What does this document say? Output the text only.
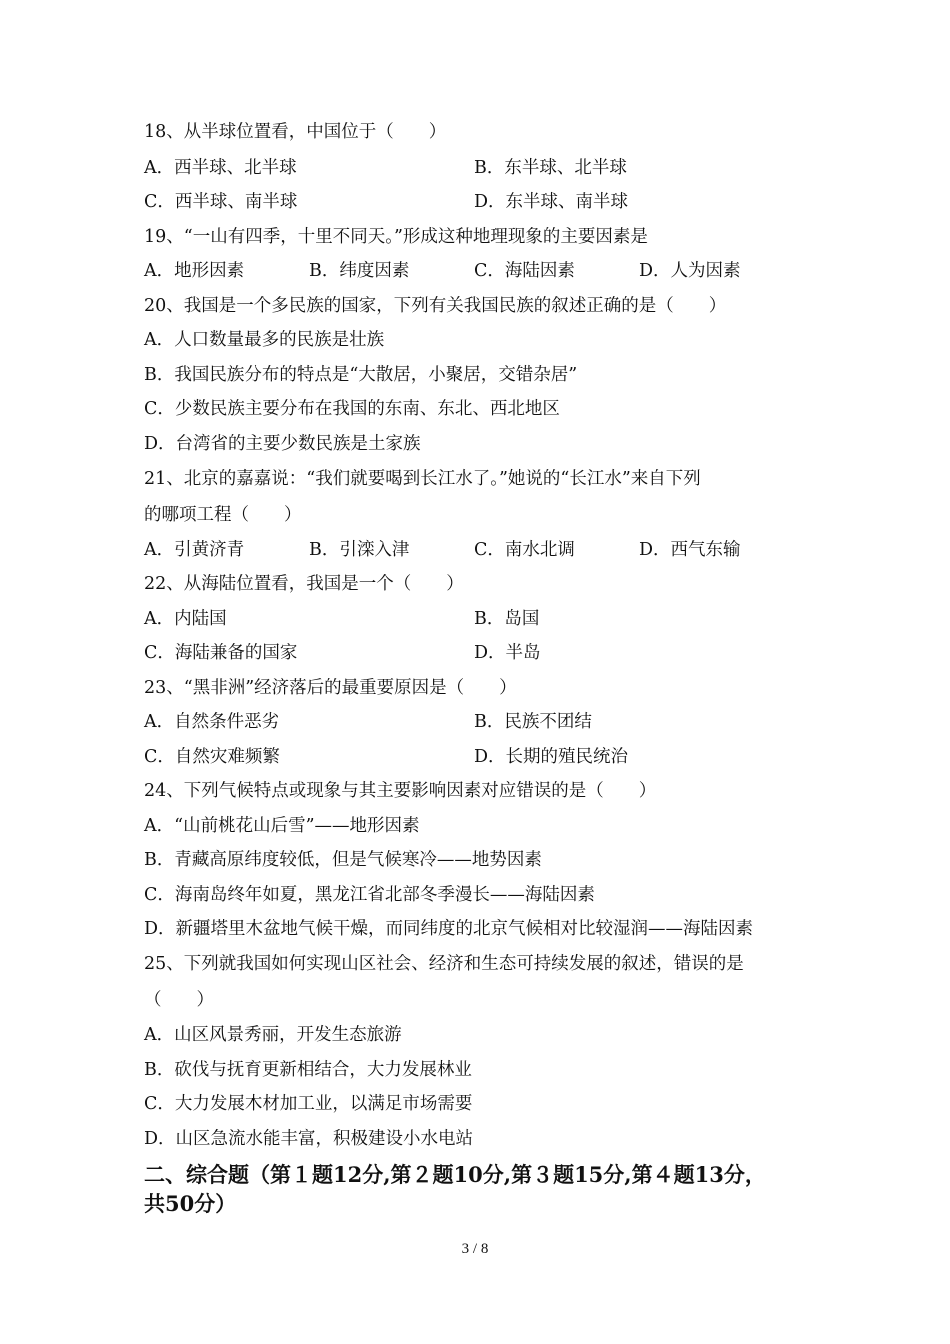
18、从半球位置看，中国位于（　　）
A．西半球、北半球	B．东半球、北半球
C．西半球、南半球	D．东半球、南半球
19、“一山有四季，十里不同天。”形成这种地理现象的主要因素是
A．地形因素	B．纬度因素	C．海陆因素	D．人为因素
20、我国是一个多民族的国家，下列有关我国民族的叙述正确的是（　　）
A．人口数量最多的民族是壮族
B．我国民族分布的特点是“大散居，小聚居，交错杂居”
C．少数民族主要分布在我国的东南、东北、西北地区
D．台湾省的主要少数民族是土家族
21、北京的嘉嘉说：“我们就要喝到长江水了。”她说的“长江水”来自下列
的哪项工程（　　）
A．引黄济青	B．引滦入津	C．南水北调	D．西气东输
22、从海陆位置看，我国是一个（　　）
A．内陆国	B．岛国
C．海陆兼备的国家	D．半岛
23、“黑非洲”经济落后的最重要原因是（　　）
A．自然条件恶劣	B．民族不团结
C．自然灾难频繁	D．长期的殖民统治
24、下列气候特点或现象与其主要影响因素对应错误的是（　　）
A．“山前桃花山后雪”——地形因素
B．青藏高原纬度较低，但是气候寒冷——地势因素
C．海南岛终年如夏，黑龙江省北部冬季漫长——海陆因素
D．新疆塔里木盆地气候干燥，而同纬度的北京气候相对比较湿润——海陆因素
25、下列就我国如何实现山区社会、经济和生态可持续发展的叙述，错误的是
（　　）
A．山区风景秀丽，开发生态旅游
B．砍伐与抚育更新相结合，大力发展林业
C．大力发展木材加工业，以满足市场需要
D．山区急流水能丰富，积极建设小水电站
二、综合题（第１题12分,第２题10分,第３题15分,第４题13分，
共50分）
3 / 8
